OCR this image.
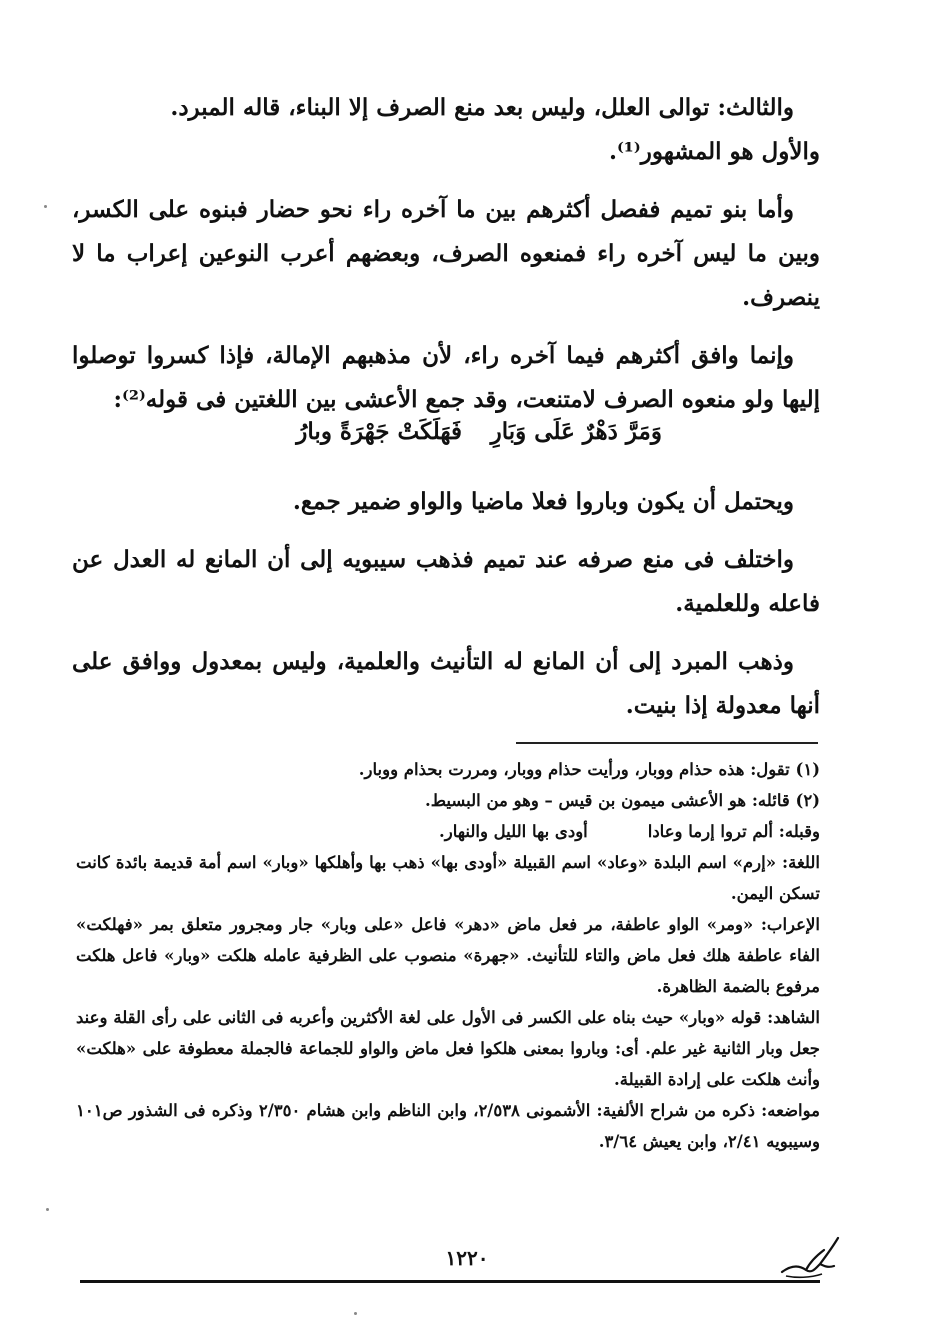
والثالث: توالى العلل، وليس بعد منع الصرف إلا البناء، قاله المبرد.
والأول هو المشهور⁽¹⁾.

وأما بنو تميم ففصل أكثرهم بين ما آخره راء نحو حضار فبنوه على الكسر، وبين ما ليس آخره راء فمنعوه الصرف، وبعضهم أعرب النوعين إعراب ما لا ينصرف.

وإنما وافق أكثرهم فيما آخره راء، لأن مذهبهم الإمالة، فإذا كسروا توصلوا إليها ولو منعوه الصرف لامتنعت، وقد جمع الأعشى بين اللغتين فى قوله⁽²⁾:

ويحتمل أن يكون وباروا فعلا ماضيا والواو ضمير جمع.

واختلف فى منع صرفه عند تميم فذهب سيبويه إلى أن المانع له العدل عن فاعله وللعلمية.

وذهب المبرد إلى أن المانع له التأنيث والعلمية، وليس بمعدول ووافق على أنها معدولة إذا بنيت.

وَمَرَّ دَهْرٌ عَلَى وَبَارِ
فَهَلَكَتْ جَهْرَةً وبارُ

(١) تقول: هذه حذام ووبار، ورأيت حذام ووبار، ومررت بحذام ووبار.

(٢) قائله: هو الأعشى ميمون بن قيس – وهو من البسيط.

وقبله: ألم تروا إرما وعادا
أودى بها الليل والنهار.

اللغة: «إرم» اسم البلدة «وعاد» اسم القبيلة «أودى بها» ذهب بها وأهلكها «وبار» اسم أمة قديمة بائدة كانت تسكن اليمن.

الإعراب: «ومر» الواو عاطفة، مر فعل ماض «دهر» فاعل «على وبار» جار ومجرور متعلق بمر «فهلكت» الفاء عاطفة هلك فعل ماض والتاء للتأنيث. «جهرة» منصوب على الظرفية عامله هلكت «وبار» فاعل هلكت مرفوع بالضمة الظاهرة.

الشاهد: قوله «وبار» حيث بناه على الكسر فى الأول على لغة الأكثرين وأعربه فى الثانى على رأى القلة وعند جعل وبار الثانية غير علم. أى: وباروا بمعنى هلكوا فعل ماض والواو للجماعة فالجملة معطوفة على «هلكت» وأنث هلكت على إرادة القبيلة.

مواضعه: ذكره من شراح الألفية: الأشمونى ٢/٥٣٨، وابن الناظم وابن هشام ٢/٣٥٠ وذكره فى الشذور ص١٠١ وسيبويه ٢/٤١، وابن يعيش ٣/٦٤.

١٢٢٠
